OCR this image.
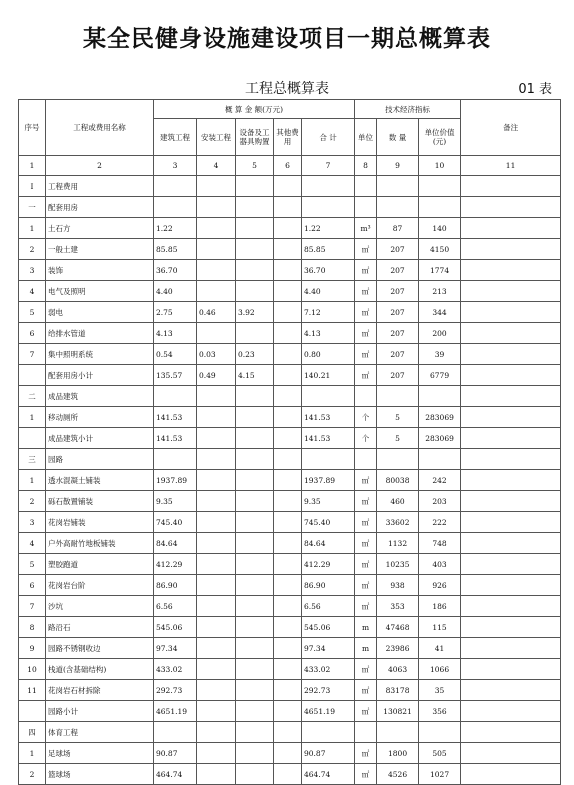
某全民健身设施建设项目一期总概算表
工程总概算表	01 表
序号	工程或费用名称	概 算 金 额(万元)					技术经济指标			备注
		建筑工程	安装工程	设备及工器具购置	其他费用	合 计	单位	数 量	单位价值(元)	
1	2	3	4	5	6	7	8	9	10	11
Ⅰ	工程费用									
一	配套用房									
1	土石方	1.22				1.22	m³	87	140	
2	一般土建	85.85				85.85	㎡	207	4150	
3	装饰	36.70				36.70	㎡	207	1774	
4	电气及照明	4.40				4.40	㎡	207	213	
5	弱电	2.75	0.46	3.92		7.12	㎡	207	344	
6	给排水管道	4.13				4.13	㎡	207	200	
7	集中照明系统	0.54	0.03	0.23		0.80	㎡	207	39	
	配套用房小计	135.57	0.49	4.15		140.21	㎡	207	6779	
二	成品建筑									
1	移动厕所	141.53				141.53	个	5	283069	
	成品建筑小计	141.53				141.53	个	5	283069	
三	园路									
1	透水混凝土铺装	1937.89				1937.89	㎡	80038	242	
2	砾石散置铺装	9.35				9.35	㎡	460	203	
3	花岗岩铺装	745.40				745.40	㎡	33602	222	
4	户外高耐竹地板铺装	84.64				84.64	㎡	1132	748	
5	塑胶跑道	412.29				412.29	㎡	10235	403	
6	花岗岩台阶	86.90				86.90	㎡	938	926	
7	沙坑	6.56				6.56	㎡	353	186	
8	路沿石	545.06				545.06	m	47468	115	
9	园路不锈钢收边	97.34				97.34	m	23986	41	
10	栈道(含基础结构)	433.02				433.02	㎡	4063	1066	
11	花岗岩石材拆除	292.73				292.73	㎡	83178	35	
	园路小计	4651.19				4651.19	㎡	130821	356	
四	体育工程									
1	足球场	90.87				90.87	㎡	1800	505	
2	篮球场	464.74				464.74	㎡	4526	1027	
